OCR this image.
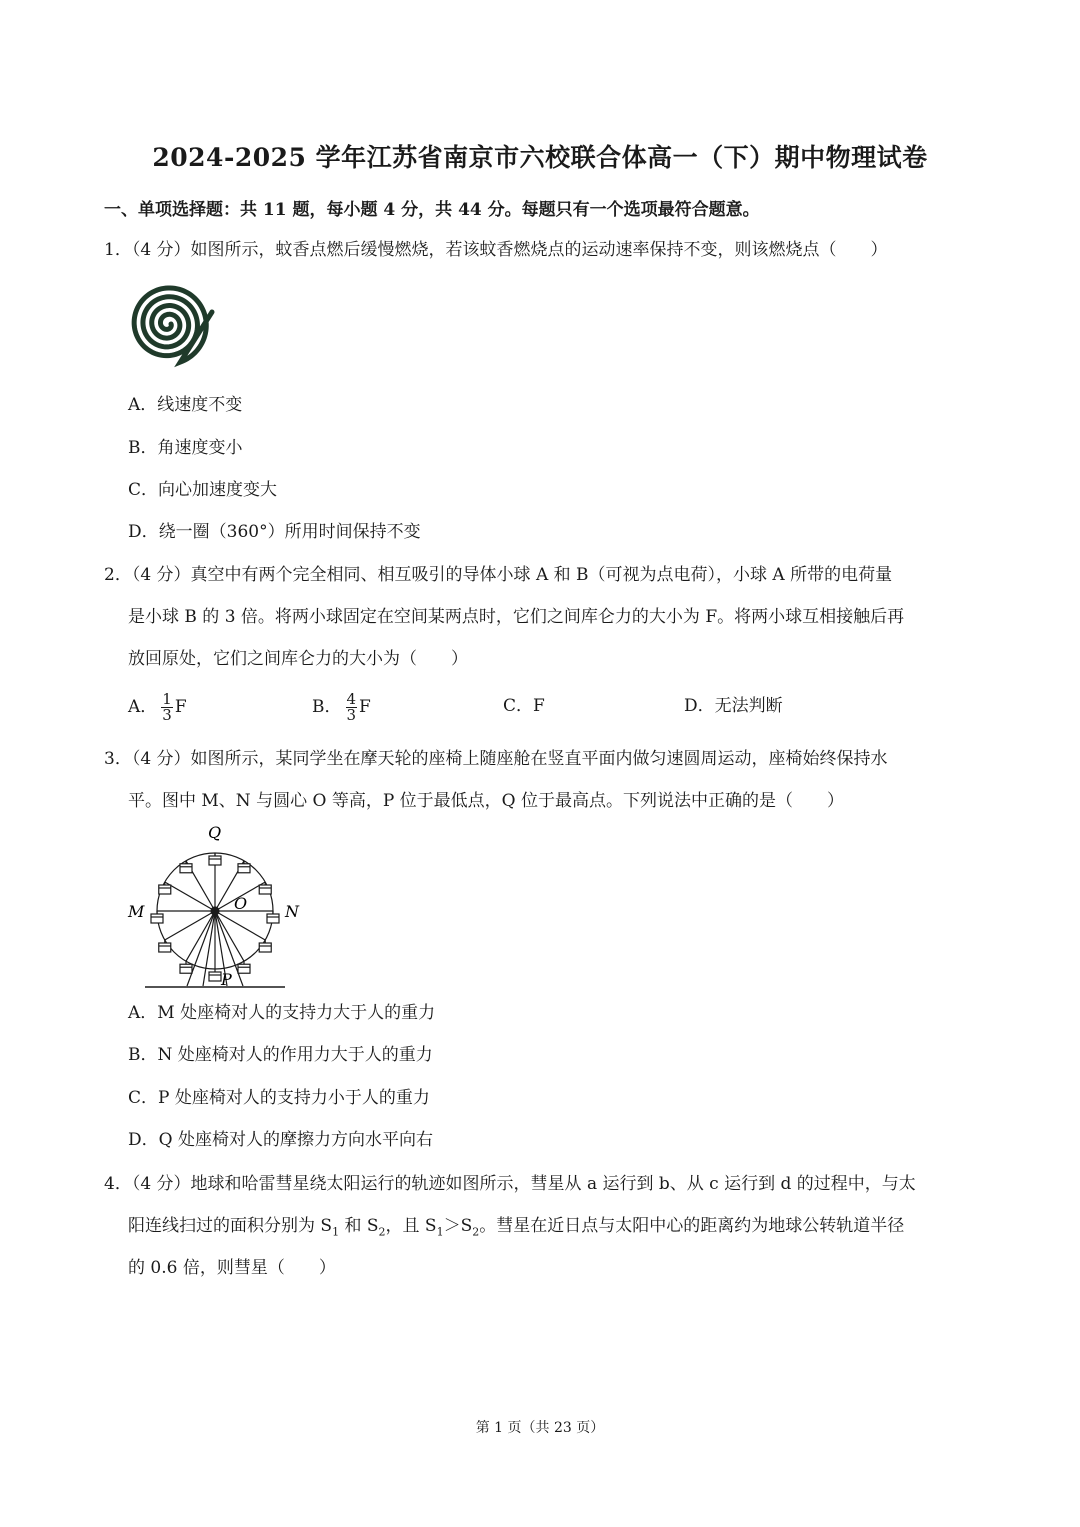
2024-2025 学年江苏省南京市六校联合体高一（下）期中物理试卷
一、单项选择题：共 11 题，每小题 4 分，共 44 分。每题只有一个选项最符合题意。
1．（4 分）如图所示，蚊香点燃后缓慢燃烧，若该蚊香燃烧点的运动速率保持不变，则该燃烧点（　　）
A．线速度不变
B．角速度变小
C．向心加速度变大
D．绕一圈（360°）所用时间保持不变
2．（4 分）真空中有两个完全相同、相互吸引的导体小球 A 和 B（可视为点电荷），小球 A 所带的电荷量
是小球 B 的 3 倍。将两小球固定在空间某两点时，它们之间库仑力的大小为 F。将两小球互相接触后再
放回原处，它们之间库仑力的大小为（　　）
A． $\frac{1}{3}$ F	B． $\frac{4}{3}$ F	C．F	D．无法判断
3．（4 分）如图所示，某同学坐在摩天轮的座椅上随座舱在竖直平面内做匀速圆周运动，座椅始终保持水
平。图中 M、N 与圆心 O 等高，P 位于最低点，Q 位于最高点。下列说法中正确的是（　　）
Q
M	O N
P
A．M 处座椅对人的支持力大于人的重力
B．N 处座椅对人的作用力大于人的重力
C．P 处座椅对人的支持力小于人的重力
D．Q 处座椅对人的摩擦力方向水平向右
4．（4 分）地球和哈雷彗星绕太阳运行的轨迹如图所示，彗星从 a 运行到 b、从 c 运行到 d 的过程中，与太
阳连线扫过的面积分别为 $S_1$ 和 $S_2$，且 $S_1>S_2$。彗星在近日点与太阳中心的距离约为地球公转轨道半径
的 0.6 倍，则彗星（　　）
第 1 页（共 23 页）
